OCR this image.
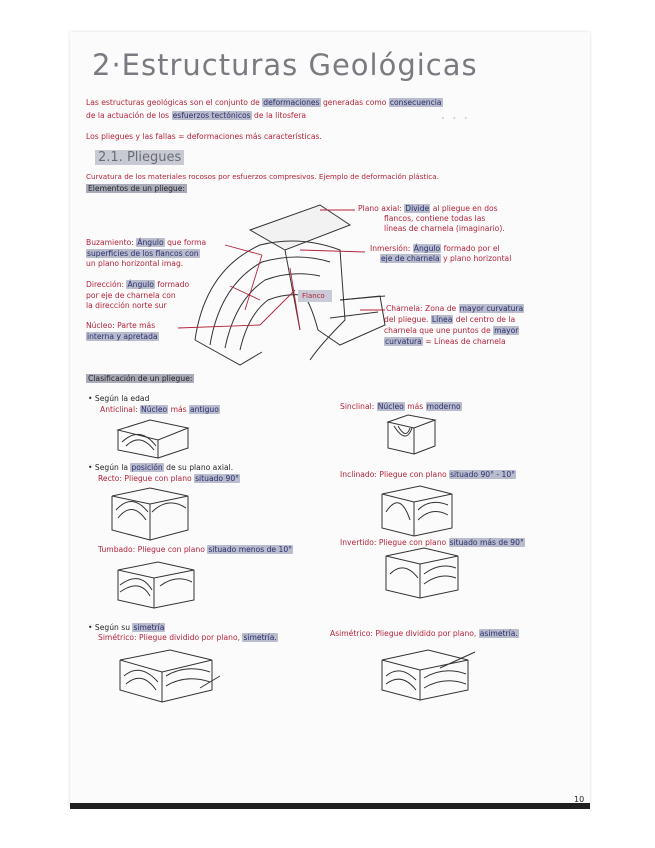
· · ·
2·Estructuras Geológicas
Las estructuras geológicas son el conjunto de deformaciones generadas como consecuencia
de la actuación de los esfuerzos tectónicos de la litosfera
Los pliegues y las fallas = deformaciones más características.
2.1. Pliegues
Curvatura de los materiales rocosos por esfuerzos compresivos. Ejemplo de deformación plástica.
Elementos de un pliegue:
Flanco
Plano axial: Divide al pliegue en dos
flancos, contiene todas las
líneas de charnela (imaginario).
Inmersión: Ángulo formado por el
eje de charnela y plano horizontal
Charnela: Zona de mayor curvatura
del pliegue. Línea del centro de la
charnela que une puntos de mayor
curvatura = Líneas de charnela
Buzamiento: Ángulo que forma
superficies de los flancos con
un plano horizontal imag.
Dirección: Ángulo formado
por eje de charnela con
la dirección norte sur
Núcleo: Parte más
interna y apretada
Clasificación de un pliegue:
• Según la edad
Anticlinal: Núcleo más antiguo	Sinclinal: Núcleo más moderno
• Según la posición de su plano axial.
Recto: Pliegue con plano situado 90°	Inclinado: Pliegue con plano situado 90° - 10°
Tumbado: Pliegue con plano situado menos de 10°
Invertido: Pliegue con plano situado más de 90°
• Según su simetría
Simétrico: Pliegue dividido por plano, simetría.	Asimétrico: Pliegue dividido por plano, asimetría.
10
